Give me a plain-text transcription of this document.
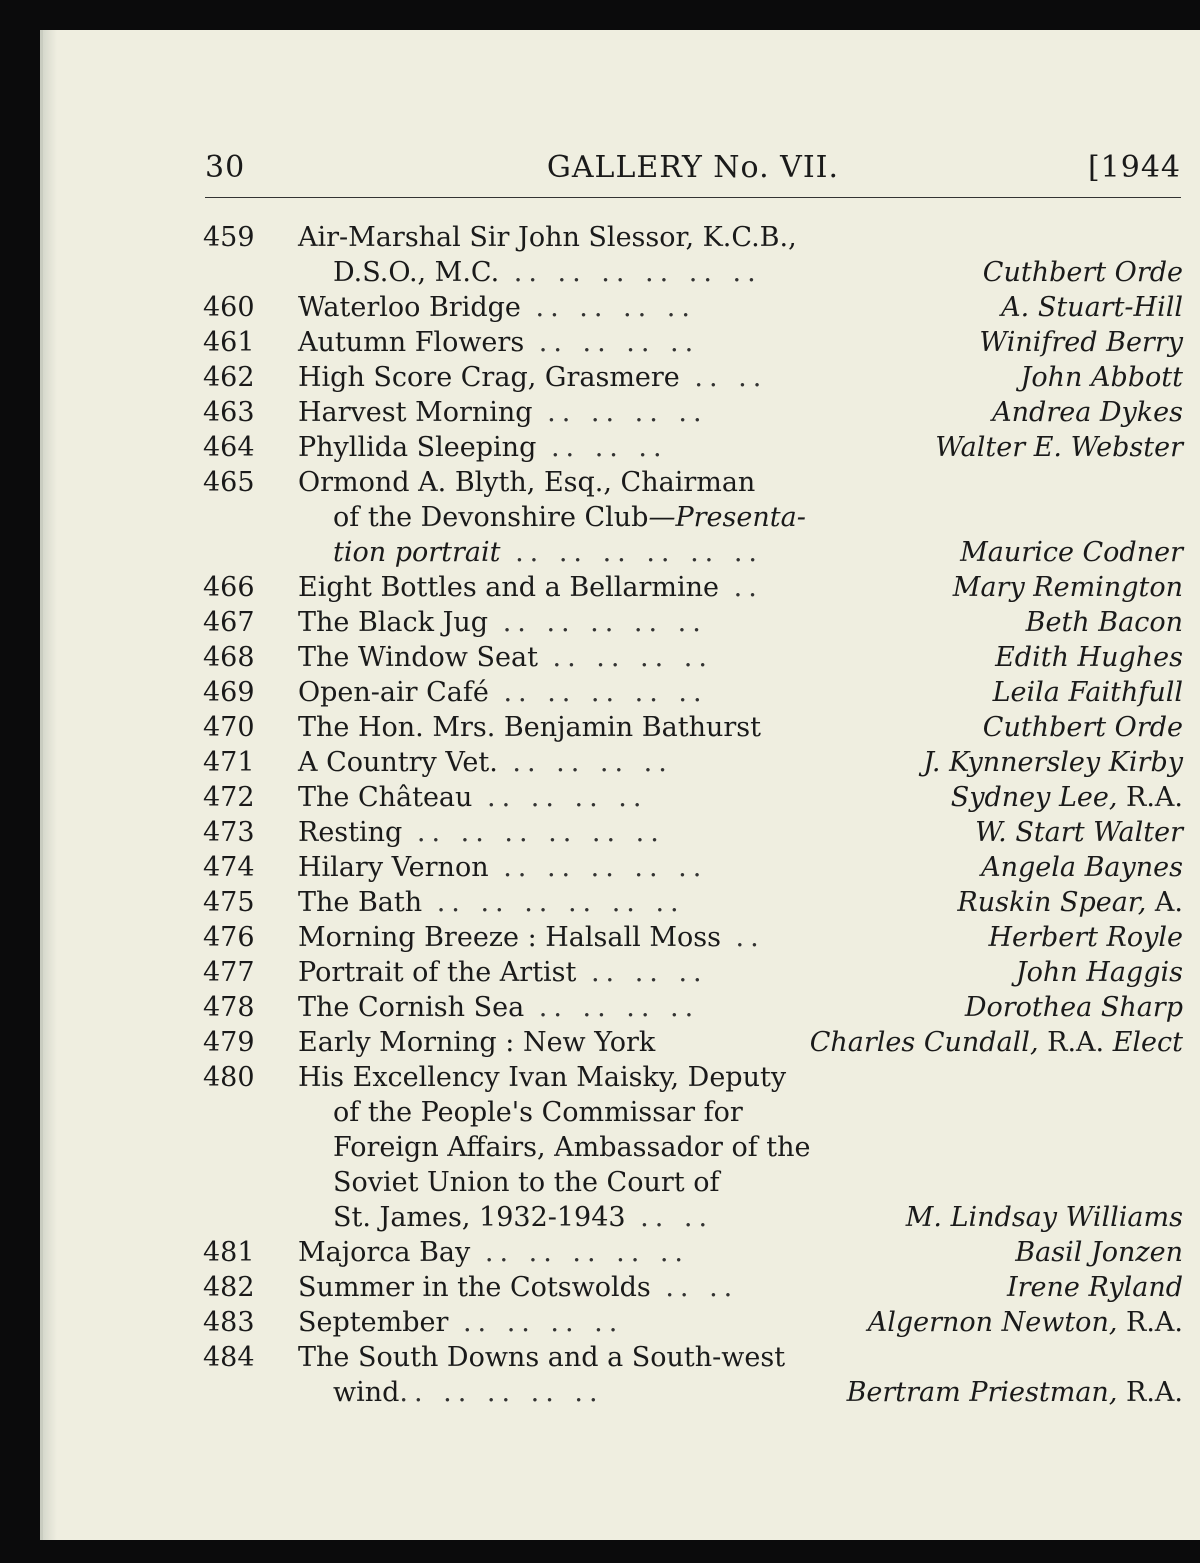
30	GALLERY No. VII.	[1944
459	Air-Marshal Sir John Slessor, K.C.B.,
D.S.O., M.C. .. .. .. .. .. ..	Cuthbert Orde
460	Waterloo Bridge .. .. .. ..	A. Stuart-Hill
461	Autumn Flowers .. .. .. ..	Winifred Berry
462	High Score Crag, Grasmere .. ..	John Abbott
463	Harvest Morning .. .. .. ..	Andrea Dykes
464	Phyllida Sleeping .. .. ..	Walter E. Webster
465	Ormond A. Blyth, Esq., Chairman
of the Devonshire Club—Presenta-
tion portrait .. .. .. .. .. ..	Maurice Codner
466	Eight Bottles and a Bellarmine ..	Mary Remington
467	The Black Jug .. .. .. .. ..	Beth Bacon
468	The Window Seat .. .. .. ..	Edith Hughes
469	Open-air Café .. .. .. .. ..	Leila Faithfull
470	The Hon. Mrs. Benjamin Bathurst	Cuthbert Orde
471	A Country Vet. .. .. .. ..	J. Kynnersley Kirby
472	The Château .. .. .. ..	Sydney Lee, R.A.
473	Resting .. .. .. .. .. ..	W. Start Walter
474	Hilary Vernon .. .. .. .. ..	Angela Baynes
475	The Bath .. .. .. .. .. ..	Ruskin Spear, A.
476	Morning Breeze : Halsall Moss ..	Herbert Royle
477	Portrait of the Artist .. .. ..	John Haggis
478	The Cornish Sea .. .. .. ..	Dorothea Sharp
479	Early Morning : New York	Charles Cundall, R.A. Elect
480	His Excellency Ivan Maisky, Deputy
of the People's Commissar for
Foreign Affairs, Ambassador of the
Soviet Union to the Court of
St. James, 1932-1943 .. ..	M. Lindsay Williams
481	Majorca Bay .. .. .. .. ..	Basil Jonzen
482	Summer in the Cotswolds .. ..	Irene Ryland
483	September .. .. .. ..	Algernon Newton, R.A.
484	The South Downs and a South-west
wind.. .. .. .. ..	Bertram Priestman, R.A.
